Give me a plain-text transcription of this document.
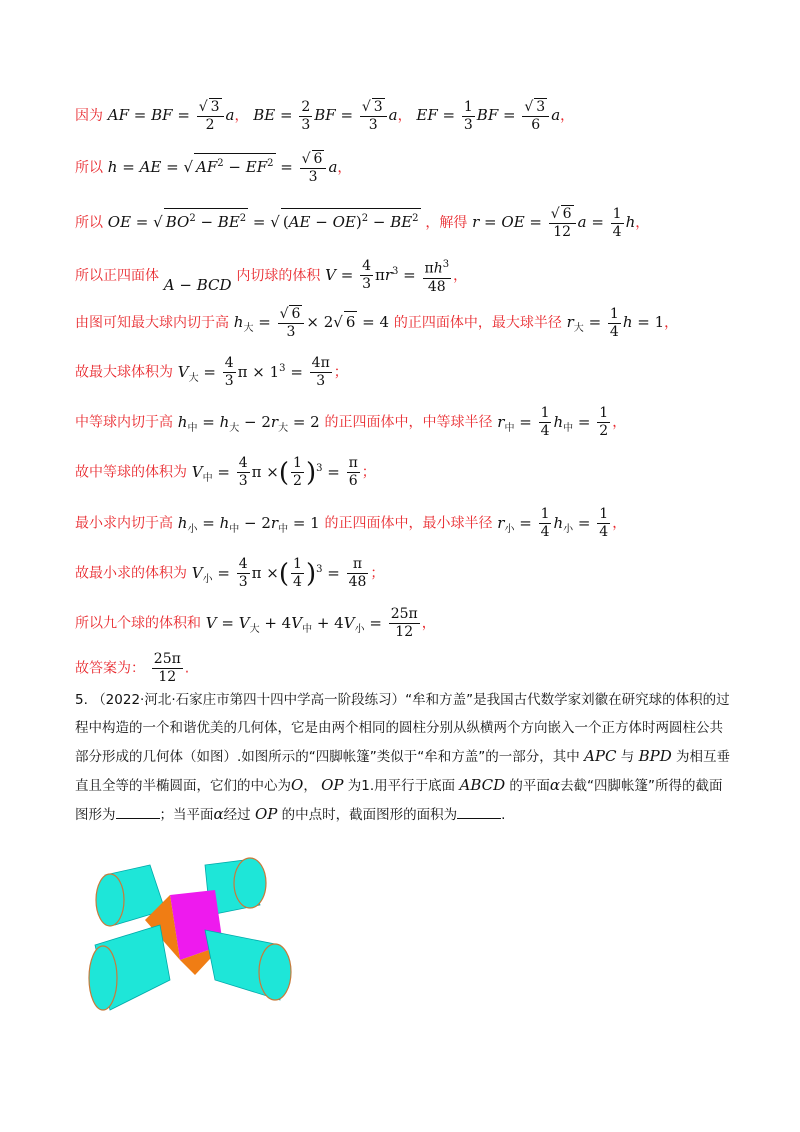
因为 AF = BF = $\frac{√ 3}{2}$ a， BE = $\frac{2}{3}$ BF = $\frac{√ 3}{3}$ a， EF = $\frac{1}{3}$ BF = $\frac{√ 3}{6}$ a，
所以 h = AE = √ $AF^2 - EF^2 = \frac{√ 6}{3}$ a，
所以 OE = √ $BO^2 - BE^2$ = √ $(AE - OE)^2 - BE^2$ ，解得 r = OE = $\frac{√ 6}{12}$ $a = \frac{1}{4}$ h，
所以正四面体 A − BCD 内切球的体积 $V = \frac{4}{3} \pi r^3 = \frac{\pi h^3}{48}$ ，
由图可知最大球内切于高 $h_大 = \frac{√ 6}{3} \times 2√$ 6 = 4 的正四面体中，最大球半径 $r_大 = \frac{1}{4}$ h = 1，
故最大球体积为 $V_大 = \frac{4}{3}$ $\pi \times 1^3 = \frac{4\pi}{3}$ ；
中等球内切于高 $h_中 = h_大 - 2r_大 = 2$ 的正四面体中，中等球半径 $r_中 = \frac{1}{4} h_中 = \frac{1}{2}$ ，
故中等球的体积为 $V_中 = \frac{4}{3}$ π ×( $\frac{1}{2} )^3 = \frac{\pi}{6}$ ；
最小求内切于高 $h_小 = h_中 - 2r_中 = 1$ 的正四面体中，最小球半径 $r_小 = \frac{1}{4} h_小 = \frac{1}{4}$ ，
故最小求的体积为 $V_小 = \frac{4}{3}$ π ×( $\frac{1}{4} )^3 = \frac{\pi}{48}$ ；
所以九个球的体积和 $V = V_大 + 4V_中 + 4V_小 = \frac{25\pi}{12}$ ，
故答案为： $\frac{25\pi}{12}$ .
5. （2022·河北·石家庄市第四十四中学高一阶段练习）“牟和方盖”是我国古代数学家刘徽在研究球的体积的过程中构造的一个和谐优美的几何体，它是由两个相同的圆柱分别从纵横两个方向嵌入一个正方体时两圆柱公共部分形成的几何体（如图）.如图所示的“四脚帐篷”类似于“牟和方盖”的一部分，其中 APC 与 BPD 为相互垂直且全等的半椭圆面，它们的中心为O， OP 为1.用平行于底面 ABCD 的平面α去截“四脚帐篷”所得的截面图形为	；当平面α经过 OP 的中点时，截面图形的面积为	.
